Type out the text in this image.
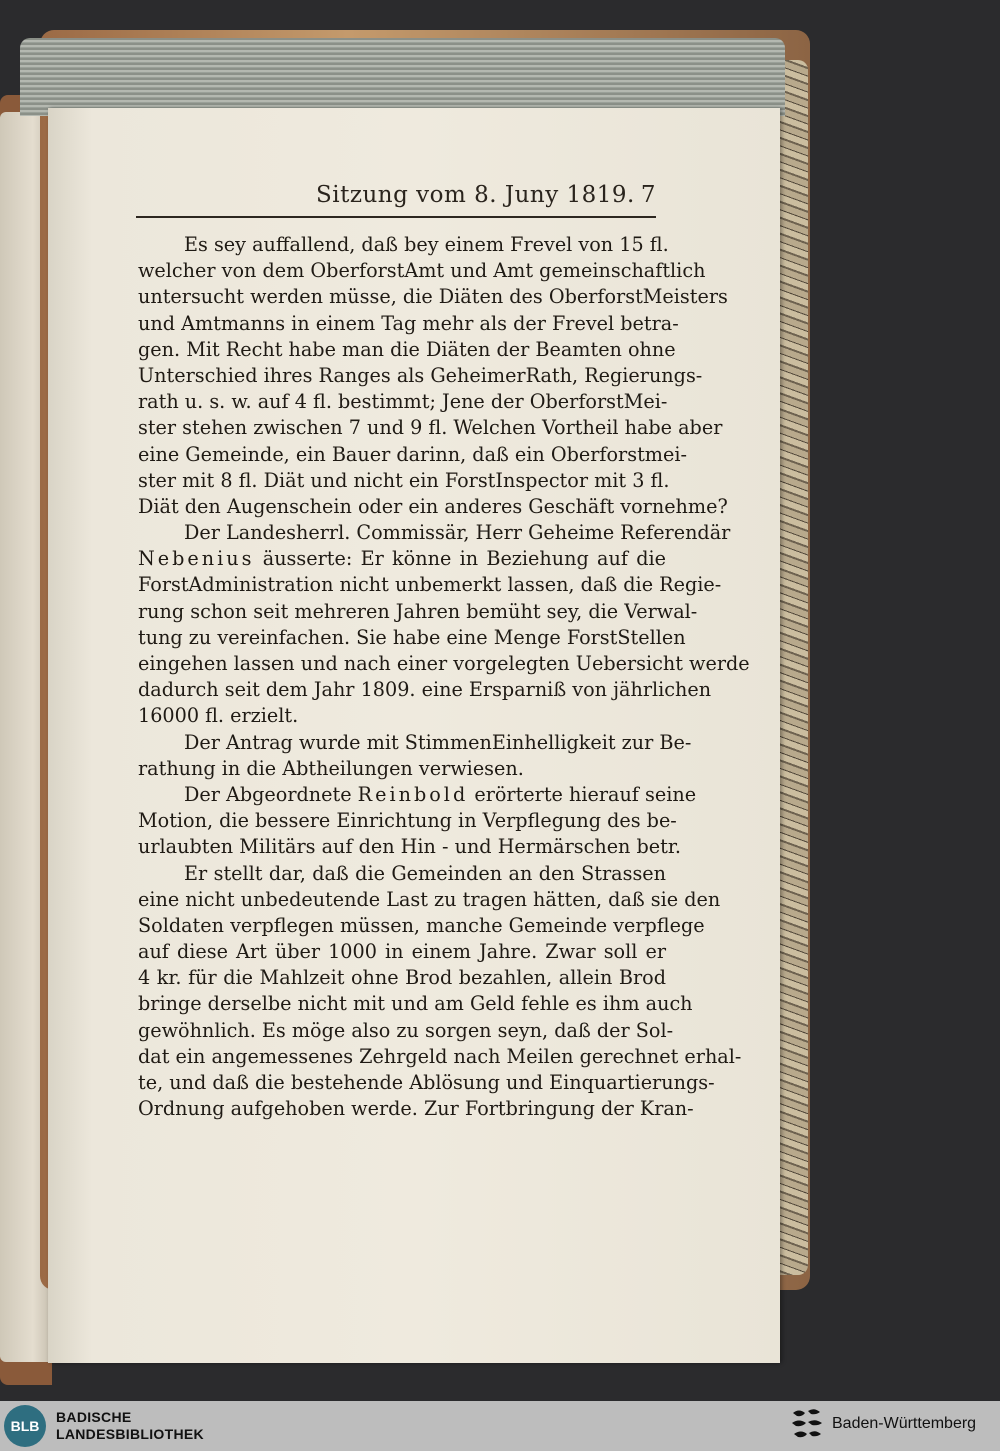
Sitzung vom 8. Juny 1819. 7
Es sey auffallend, daß bey einem Frevel von 15 fl.
welcher von dem OberforstAmt und Amt gemeinschaftlich
untersucht werden müsse, die Diäten des OberforstMeisters
und Amtmanns in einem Tag mehr als der Frevel betra-
gen. Mit Recht habe man die Diäten der Beamten ohne
Unterschied ihres Ranges als GeheimerRath, Regierungs-
rath u. s. w. auf 4 fl. bestimmt; Jene der OberforstMei-
ster stehen zwischen 7 und 9 fl. Welchen Vortheil habe aber
eine Gemeinde, ein Bauer darinn, daß ein Oberforstmei-
ster mit 8 fl. Diät und nicht ein ForstInspector mit 3 fl.
Diät den Augenschein oder ein anderes Geschäft vornehme?
Der Landesherrl. Commissär, Herr Geheime Referendär
Nebenius äusserte: Er könne in Beziehung auf die
ForstAdministration nicht unbemerkt lassen, daß die Regie-
rung schon seit mehreren Jahren bemüht sey, die Verwal-
tung zu vereinfachen. Sie habe eine Menge ForstStellen
eingehen lassen und nach einer vorgelegten Uebersicht werde
dadurch seit dem Jahr 1809. eine Ersparniß von jährlichen
16000 fl. erzielt.
Der Antrag wurde mit StimmenEinhelligkeit zur Be-
rathung in die Abtheilungen verwiesen.
Der Abgeordnete Reinbold erörterte hierauf seine
Motion, die bessere Einrichtung in Verpflegung des be-
urlaubten Militärs auf den Hin - und Hermärschen betr.
Er stellt dar, daß die Gemeinden an den Strassen
eine nicht unbedeutende Last zu tragen hätten, daß sie den
Soldaten verpflegen müssen, manche Gemeinde verpflege
auf diese Art über 1000 in einem Jahre. Zwar soll er
4 kr. für die Mahlzeit ohne Brod bezahlen, allein Brod
bringe derselbe nicht mit und am Geld fehle es ihm auch
gewöhnlich. Es möge also zu sorgen seyn, daß der Sol-
dat ein angemessenes Zehrgeld nach Meilen gerechnet erhal-
te, und daß die bestehende Ablösung und Einquartierungs-
Ordnung aufgehoben werde. Zur Fortbringung der Kran-
BLB
BADISCHE
LANDESBIBLIOTHEK
Baden-Württemberg
